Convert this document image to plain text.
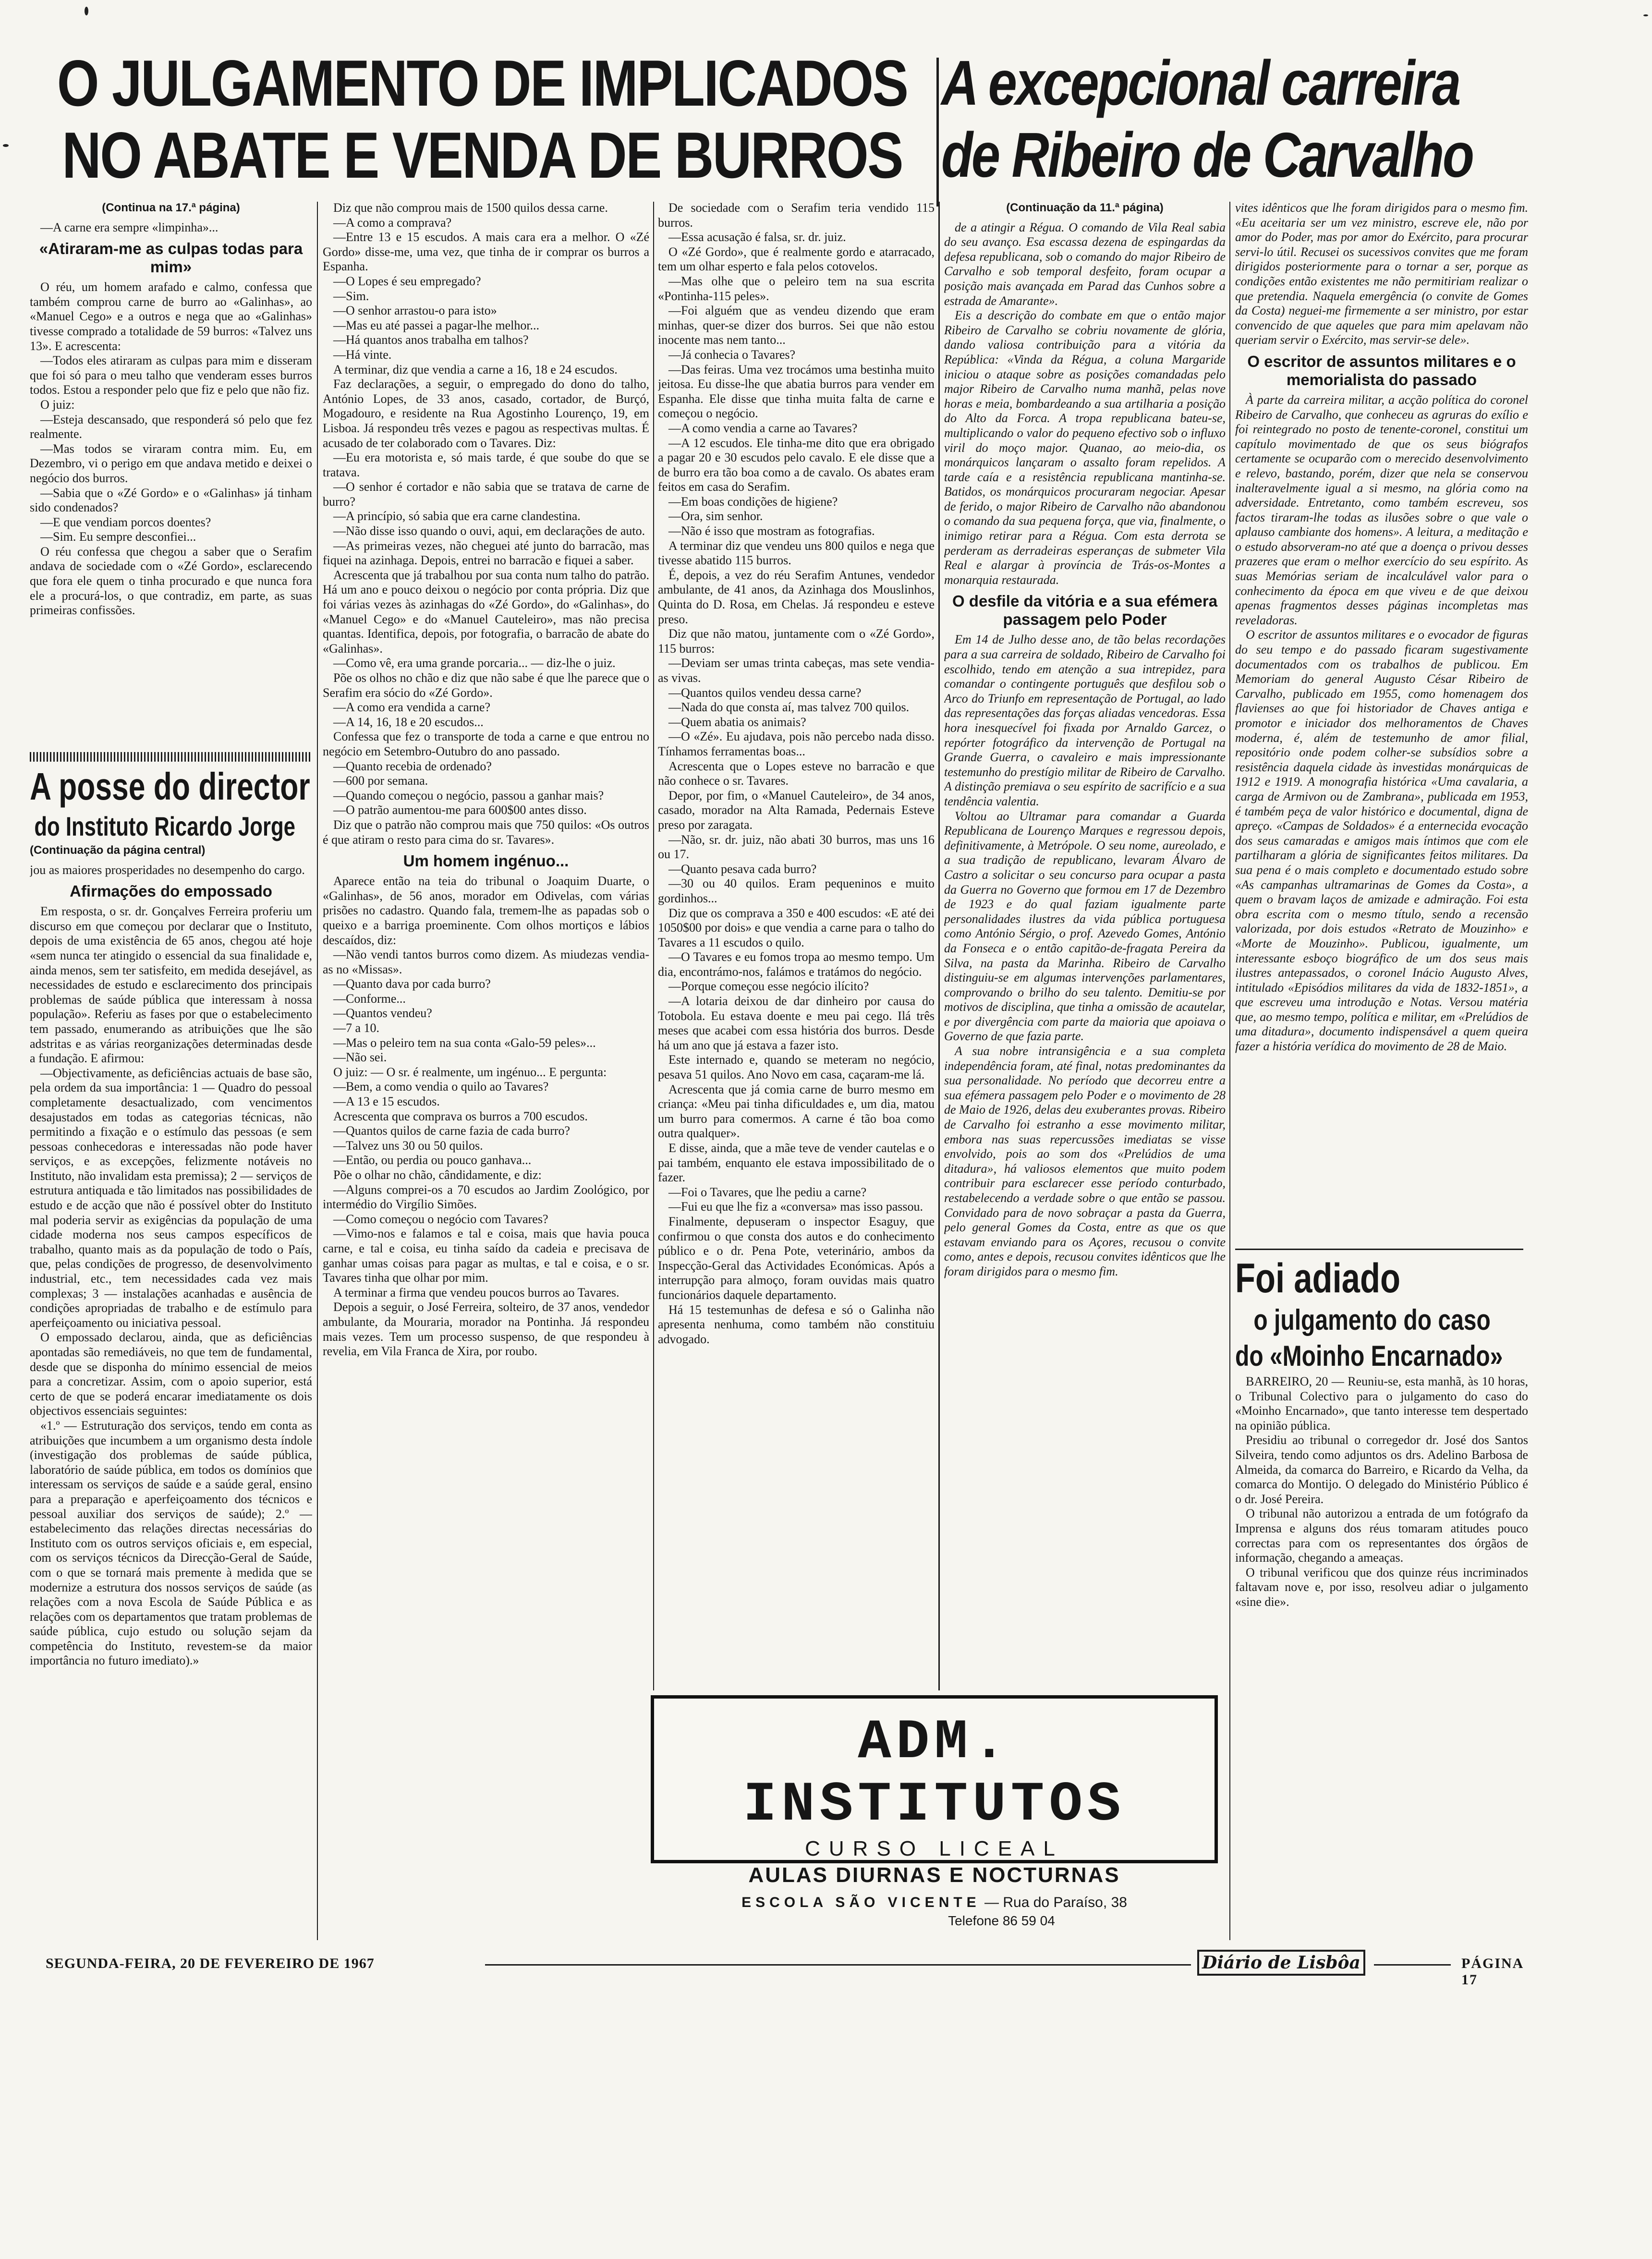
O JULGAMENTO DE IMPLICADOS
NO ABATE E VENDA DE BURROS
A excepcional carreira
de Ribeiro de Carvalho

(Continua na 17.ª página)

—A carne era sempre «limpinha»...

«Atiraram-me as culpas todas para mim»

O réu, um homem arafado e calmo, confessa que também comprou carne de burro ao «Galinhas», ao «Manuel Cego» e a outros e nega que ao «Galinhas» tivesse comprado a totalidade de 59 burros: «Talvez uns 13». E acrescenta:

—Todos eles atiraram as culpas para mim e disseram que foi só para o meu talho que venderam esses burros todos. Estou a responder pelo que fiz e pelo que não fiz.

O juiz:

—Esteja descansado, que responderá só pelo que fez realmente.

—Mas todos se viraram contra mim. Eu, em Dezembro, vi o perigo em que andava metido e deixei o negócio dos burros.

—Sabia que o «Zé Gordo» e o «Galinhas» já tinham sido condenados?

—E que vendiam porcos doentes?

—Sim. Eu sempre desconfiei...

O réu confessa que chegou a saber que o Serafim andava de sociedade com o «Zé Gordo», esclarecendo que fora ele quem o tinha procurado e que nunca fora ele a procurá-los, o que contradiz, em parte, as suas primeiras confissões.

A posse do director

do Instituto Ricardo Jorge

(Continuação da página central)

jou as maiores prosperidades no desempenho do cargo.

Afirmações do empossado

Em resposta, o sr. dr. Gonçalves Ferreira proferiu um discurso em que começou por declarar que o Instituto, depois de uma existência de 65 anos, chegou até hoje «sem nunca ter atingido o essencial da sua finalidade e, ainda menos, sem ter satisfeito, em medida desejável, as necessidades de estudo e esclarecimento dos principais problemas de saúde pública que interessam à nossa população». Referiu as fases por que o estabelecimento tem passado, enumerando as atribuições que lhe são adstritas e as várias reorganizações determinadas desde a fundação. E afirmou:

—Objectivamente, as deficiências actuais de base são, pela ordem da sua importância: 1 — Quadro do pessoal completamente desactualizado, com vencimentos desajustados em todas as categorias técnicas, não permitindo a fixação e o estímulo das pessoas (e sem pessoas conhecedoras e interessadas não pode haver serviços, e as excepções, felizmente notáveis no Instituto, não invalidam esta premissa); 2 — serviços de estrutura antiquada e tão limitados nas possibilidades de estudo e de acção que não é possível obter do Instituto mal poderia servir as exigências da população de uma cidade moderna nos seus campos específicos de trabalho, quanto mais as da população de todo o País, que, pelas condições de progresso, de desenvolvimento industrial, etc., tem necessidades cada vez mais complexas; 3 — instalações acanhadas e ausência de condições apropriadas de trabalho e de estímulo para aperfeiçoamento ou iniciativa pessoal.

O empossado declarou, ainda, que as deficiências apontadas são remediáveis, no que tem de fundamental, desde que se disponha do mínimo essencial de meios para a concretizar. Assim, com o apoio superior, está certo de que se poderá encarar imediatamente os dois objectivos essenciais seguintes:

«1.º — Estruturação dos serviços, tendo em conta as atribuições que incumbem a um organismo desta índole (investigação dos problemas de saúde pública, laboratório de saúde pública, em todos os domínios que interessam os serviços de saúde e a saúde geral, ensino para a preparação e aperfeiçoamento dos técnicos e pessoal auxiliar dos serviços de saúde); 2.º — estabelecimento das relações directas necessárias do Instituto com os outros serviços oficiais e, em especial, com os serviços técnicos da Direcção-Geral de Saúde, com o que se tornará mais premente à medida que se modernize a estrutura dos nossos serviços de saúde (as relações com a nova Escola de Saúde Pública e as relações com os departamentos que tratam problemas de saúde pública, cujo estudo ou solução sejam da competência do Instituto, revestem-se da maior importância no futuro imediato).»

Diz que não comprou mais de 1500 quilos dessa carne.

—A como a comprava?

—Entre 13 e 15 escudos. A mais cara era a melhor. O «Zé Gordo» disse-me, uma vez, que tinha de ir comprar os burros a Espanha.

—O Lopes é seu empregado?

—Sim.

—O senhor arrastou-o para isto»

—Mas eu até passei a pagar-lhe melhor...

—Há quantos anos trabalha em talhos?

—Há vinte.

A terminar, diz que vendia a carne a 16, 18 e 24 escudos.

Faz declarações, a seguir, o empregado do dono do talho, António Lopes, de 33 anos, casado, cortador, de Burçó, Mogadouro, e residente na Rua Agostinho Lourenço, 19, em Lisboa. Já respondeu três vezes e pagou as respectivas multas. É acusado de ter colaborado com o Tavares. Diz:

—Eu era motorista e, só mais tarde, é que soube do que se tratava.

—O senhor é cortador e não sabia que se tratava de carne de burro?

—A princípio, só sabia que era carne clandestina.

—Não disse isso quando o ouvi, aqui, em declarações de auto.

—As primeiras vezes, não cheguei até junto do barracão, mas fiquei na azinhaga. Depois, entrei no barracão e fiquei a saber.

Acrescenta que já trabalhou por sua conta num talho do patrão. Há um ano e pouco deixou o negócio por conta própria. Diz que foi várias vezes às azinhagas do «Zé Gordo», do «Galinhas», do «Manuel Cego» e do «Manuel Cauteleiro», mas não precisa quantas. Identifica, depois, por fotografia, o barracão de abate do «Galinhas».

—Como vê, era uma grande porcaria... — diz-lhe o juiz.

Põe os olhos no chão e diz que não sabe é que lhe parece que o Serafim era sócio do «Zé Gordo».

—A como era vendida a carne?

—A 14, 16, 18 e 20 escudos...

Confessa que fez o transporte de toda a carne e que entrou no negócio em Setembro-Outubro do ano passado.

—Quanto recebia de ordenado?

—600 por semana.

—Quando começou o negócio, passou a ganhar mais?

—O patrão aumentou-me para 600$00 antes disso.

Diz que o patrão não comprou mais que 750 quilos: «Os outros é que atiram o resto para cima do sr. Tavares».

Um homem ingénuo...

Aparece então na teia do tribunal o Joaquim Duarte, o «Galinhas», de 56 anos, morador em Odivelas, com várias prisões no cadastro. Quando fala, tremem-lhe as papadas sob o queixo e a barriga proeminente. Com olhos mortiços e lábios descaídos, diz:

—Não vendi tantos burros como dizem. As miudezas vendia-as no «Missas».

—Quanto dava por cada burro?

—Conforme...

—Quantos vendeu?

—7 a 10.

—Mas o peleiro tem na sua conta «Galo-59 peles»...

—Não sei.

O juiz: — O sr. é realmente, um ingénuo... E pergunta:

—Bem, a como vendia o quilo ao Tavares?

—A 13 e 15 escudos.

Acrescenta que comprava os burros a 700 escudos.

—Quantos quilos de carne fazia de cada burro?

—Talvez uns 30 ou 50 quilos.

—Então, ou perdia ou pouco ganhava...

Põe o olhar no chão, cândidamente, e diz:

—Alguns comprei-os a 70 escudos ao Jardim Zoológico, por intermédio do Virgílio Simões.

—Como começou o negócio com Tavares?

—Vimo-nos e falamos e tal e coisa, mais que havia pouca carne, e tal e coisa, eu tinha saído da cadeia e precisava de ganhar umas coisas para pagar as multas, e tal e coisa, e o sr. Tavares tinha que olhar por mim.

A terminar a firma que vendeu poucos burros ao Tavares.

Depois a seguir, o José Ferreira, solteiro, de 37 anos, vendedor ambulante, da Mouraria, morador na Pontinha. Já respondeu mais vezes. Tem um processo suspenso, de que respondeu à revelia, em Vila Franca de Xira, por roubo.

De sociedade com o Serafim teria vendido 115 burros.

—Essa acusação é falsa, sr. dr. juiz.

O «Zé Gordo», que é realmente gordo e atarracado, tem um olhar esperto e fala pelos cotovelos.

—Mas olhe que o peleiro tem na sua escrita «Pontinha-115 peles».

—Foi alguém que as vendeu dizendo que eram minhas, quer-se dizer dos burros. Sei que não estou inocente mas nem tanto...

—Já conhecia o Tavares?

—Das feiras. Uma vez trocámos uma bestinha muito jeitosa. Eu disse-lhe que abatia burros para vender em Espanha. Ele disse que tinha muita falta de carne e começou o negócio.

—A como vendia a carne ao Tavares?

—A 12 escudos. Ele tinha-me dito que era obrigado a pagar 20 e 30 escudos pelo cavalo. E ele disse que a de burro era tão boa como a de cavalo. Os abates eram feitos em casa do Serafim.

—Em boas condições de higiene?

—Ora, sim senhor.

—Não é isso que mostram as fotografias.

A terminar diz que vendeu uns 800 quilos e nega que tivesse abatido 115 burros.

É, depois, a vez do réu Serafim Antunes, vendedor ambulante, de 41 anos, da Azinhaga dos Mouslinhos, Quinta do D. Rosa, em Chelas. Já respondeu e esteve preso.

Diz que não matou, juntamente com o «Zé Gordo», 115 burros:

—Deviam ser umas trinta cabeças, mas sete vendia-as vivas.

—Quantos quilos vendeu dessa carne?

—Nada do que consta aí, mas talvez 700 quilos.

—Quem abatia os animais?

—O «Zé». Eu ajudava, pois não percebo nada disso. Tínhamos ferramentas boas...

Acrescenta que o Lopes esteve no barracão e que não conhece o sr. Tavares.

Depor, por fim, o «Manuel Cauteleiro», de 34 anos, casado, morador na Alta Ramada, Pedernais Esteve preso por zaragata.

—Não, sr. dr. juiz, não abati 30 burros, mas uns 16 ou 17.

—Quanto pesava cada burro?

—30 ou 40 quilos. Eram pequeninos e muito gordinhos...

Diz que os comprava a 350 e 400 escudos: «E até dei 1050$00 por dois» e que vendia a carne para o talho do Tavares a 11 escudos o quilo.

—O Tavares e eu fomos tropa ao mesmo tempo. Um dia, encontrámo-nos, falámos e tratámos do negócio.

—Porque começou esse negócio ilícito?

—A lotaria deixou de dar dinheiro por causa do Totobola. Eu estava doente e meu pai cego. Ilá três meses que acabei com essa história dos burros. Desde há um ano que já estava a fazer isto.

Este internado e, quando se meteram no negócio, pesava 51 quilos. Ano Novo em casa, caçaram-me lá.

Acrescenta que já comia carne de burro mesmo em criança: «Meu pai tinha dificuldades e, um dia, matou um burro para comermos. A carne é tão boa como outra qualquer».

E disse, ainda, que a mãe teve de vender cautelas e o pai também, enquanto ele estava impossibilitado de o fazer.

—Foi o Tavares, que lhe pediu a carne?

—Fui eu que lhe fiz a «conversa» mas isso passou.

Finalmente, depuseram o inspector Esaguy, que confirmou o que consta dos autos e do conhecimento público e o dr. Pena Pote, veterinário, ambos da Inspecção-Geral das Actividades Económicas. Após a interrupção para almoço, foram ouvidas mais quatro funcionários daquele departamento.

Há 15 testemunhas de defesa e só o Galinha não apresenta nenhuma, como também não constituiu advogado.

(Continuação da 11.ª página)

de a atingir a Régua. O comando de Vila Real sabia do seu avanço. Esa escassa dezena de espingardas da defesa republicana, sob o comando do major Ribeiro de Carvalho e sob temporal desfeito, foram ocupar a posição mais avançada em Parad das Cunhos sobre a estrada de Amarante».

Eis a descrição do combate em que o então major Ribeiro de Carvalho se cobriu novamente de glória, dando valiosa contribuição para a vitória da República: «Vinda da Régua, a coluna Margaride iniciou o ataque sobre as posições comandadas pelo major Ribeiro de Carvalho numa manhã, pelas nove horas e meia, bombardeando a sua artilharia a posição do Alto da Forca. A tropa republicana bateu-se, multiplicando o valor do pequeno efectivo sob o influxo viril do moço major. Quanao, ao meio-dia, os monárquicos lançaram o assalto foram repelidos. A tarde caía e a resistência republicana mantinha-se. Batidos, os monárquicos procuraram negociar. Apesar de ferido, o major Ribeiro de Carvalho não abandonou o comando da sua pequena força, que via, finalmente, o inimigo retirar para a Régua. Com esta derrota se perderam as derradeiras esperanças de submeter Vila Real e alargar à província de Trás-os-Montes a monarquia restaurada.

O desfile da vitória e a sua efémera passagem pelo Poder

Em 14 de Julho desse ano, de tão belas recordações para a sua carreira de soldado, Ribeiro de Carvalho foi escolhido, tendo em atenção a sua intrepidez, para comandar o contingente português que desfilou sob o Arco do Triunfo em representação de Portugal, ao lado das representações das forças aliadas vencedoras. Essa hora inesquecível foi fixada por Arnaldo Garcez, o repórter fotográfico da intervenção de Portugal na Grande Guerra, o cavaleiro e mais impressionante testemunho do prestígio militar de Ribeiro de Carvalho. A distinção premiava o seu espírito de sacrifício e a sua tendência valentia.

Voltou ao Ultramar para comandar a Guarda Republicana de Lourenço Marques e regressou depois, definitivamente, à Metrópole. O seu nome, aureolado, e a sua tradição de republicano, levaram Álvaro de Castro a solicitar o seu concurso para ocupar a pasta da Guerra no Governo que formou em 17 de Dezembro de 1923 e do qual faziam igualmente parte personalidades ilustres da vida pública portuguesa como António Sérgio, o prof. Azevedo Gomes, António da Fonseca e o então capitão-de-fragata Pereira da Silva, na pasta da Marinha. Ribeiro de Carvalho distinguiu-se em algumas intervenções parlamentares, comprovando o brilho do seu talento. Demitiu-se por motivos de disciplina, que tinha a omissão de acautelar, e por divergência com parte da maioria que apoiava o Governo de que fazia parte.

A sua nobre intransigência e a sua completa independência foram, até final, notas predominantes da sua personalidade. No período que decorreu entre a sua efémera passagem pelo Poder e o movimento de 28 de Maio de 1926, delas deu exuberantes provas. Ribeiro de Carvalho foi estranho a esse movimento militar, embora nas suas repercussões imediatas se visse envolvido, pois ao som dos «Prelúdios de uma ditadura», há valiosos elementos que muito podem contribuir para esclarecer esse período conturbado, restabelecendo a verdade sobre o que então se passou. Convidado para de novo sobraçar a pasta da Guerra, pelo general Gomes da Costa, entre as que os que estavam enviando para os Açores, recusou o convite como, antes e depois, recusou convites idênticos que lhe foram dirigidos para o mesmo fim.

vites idênticos que lhe foram dirigidos para o mesmo fim. «Eu aceitaria ser um vez ministro, escreve ele, não por amor do Poder, mas por amor do Exército, para procurar servi-lo útil. Recusei os sucessivos convites que me foram dirigidos posteriormente para o tornar a ser, porque as condições então existentes me não permitiriam realizar o que pretendia. Naquela emergência (o convite de Gomes da Costa) neguei-me firmemente a ser ministro, por estar convencido de que aqueles que para mim apelavam não queriam servir o Exército, mas servir-se dele».

O escritor de assuntos militares e o memorialista do passado

À parte da carreira militar, a acção política do coronel Ribeiro de Carvalho, que conheceu as agruras do exílio e foi reintegrado no posto de tenente-coronel, constitui um capítulo movimentado de que os seus biógrafos certamente se ocuparão com o merecido desenvolvimento e relevo, bastando, porém, dizer que nela se conservou inalteravelmente igual a si mesmo, na glória como na adversidade. Entretanto, como também escreveu, sos factos tiraram-lhe todas as ilusões sobre o que vale o aplauso cambiante dos homens». A leitura, a meditação e o estudo absorveram-no até que a doença o privou desses prazeres que eram o melhor exercício do seu espírito. As suas Memórias seriam de incalculável valor para o conhecimento da época em que viveu e de que deixou apenas fragmentos desses páginas incompletas mas reveladoras.

O escritor de assuntos militares e o evocador de figuras do seu tempo e do passado ficaram sugestivamente documentados com os trabalhos de publicou. Em Memoriam do general Augusto César Ribeiro de Carvalho, publicado em 1955, como homenagem dos flavienses ao que foi historiador de Chaves antiga e promotor e iniciador dos melhoramentos de Chaves moderna, é, além de testemunho de amor filial, repositório onde podem colher-se subsídios sobre a resistência daquela cidade às investidas monárquicas de 1912 e 1919. A monografia histórica «Uma cavalaria, a carga de Armivon ou de Zambrana», publicada em 1953, é também peça de valor histórico e documental, digna de apreço. «Campas de Soldados» é a enternecida evocação dos seus camaradas e amigos mais íntimos que com ele partilharam a glória de significantes feitos militares. Da sua pena é o mais completo e documentado estudo sobre «As campanhas ultramarinas de Gomes da Costa», a quem o bravam laços de amizade e admiração. Foi esta obra escrita com o mesmo título, sendo a recensão valorizada, por dois estudos «Retrato de Mouzinho» e «Morte de Mouzinho». Publicou, igualmente, um interessante esboço biográfico de um dos seus mais ilustres antepassados, o coronel Inácio Augusto Alves, intitulado «Episódios militares da vida de 1832-1851», a que escreveu uma introdução e Notas. Versou matéria que, ao mesmo tempo, política e militar, em «Prelúdios de uma ditadura», documento indispensável a quem queira fazer a história verídica do movimento de 28 de Maio.

Foi adiado

o julgamento do caso

do «Moinho Encarnado»

BARREIRO, 20 — Reuniu-se, esta manhã, às 10 horas, o Tribunal Colectivo para o julgamento do caso do «Moinho Encarnado», que tanto interesse tem despertado na opinião pública.

Presidiu ao tribunal o corregedor dr. José dos Santos Silveira, tendo como adjuntos os drs. Adelino Barbosa de Almeida, da comarca do Barreiro, e Ricardo da Velha, da comarca do Montijo. O delegado do Ministério Público é o dr. José Pereira.

O tribunal não autorizou a entrada de um fotógrafo da Imprensa e alguns dos réus tomaram atitudes pouco correctas para com os representantes dos órgãos de informação, chegando a ameaças.

O tribunal verificou que dos quinze réus incriminados faltavam nove e, por isso, resolveu adiar o julgamento «sine die».

ADM. INSTITUTOS
CURSO LICEAL
AULAS DIURNAS E NOCTURNAS
ESCOLA SÃO VICENTE — Rua do Paraíso, 38
Telefone 86 59 04
SEGUNDA-FEIRA, 20 DE FEVEREIRO DE 1967	Diário de Lisbôa	PÁGINA 17
